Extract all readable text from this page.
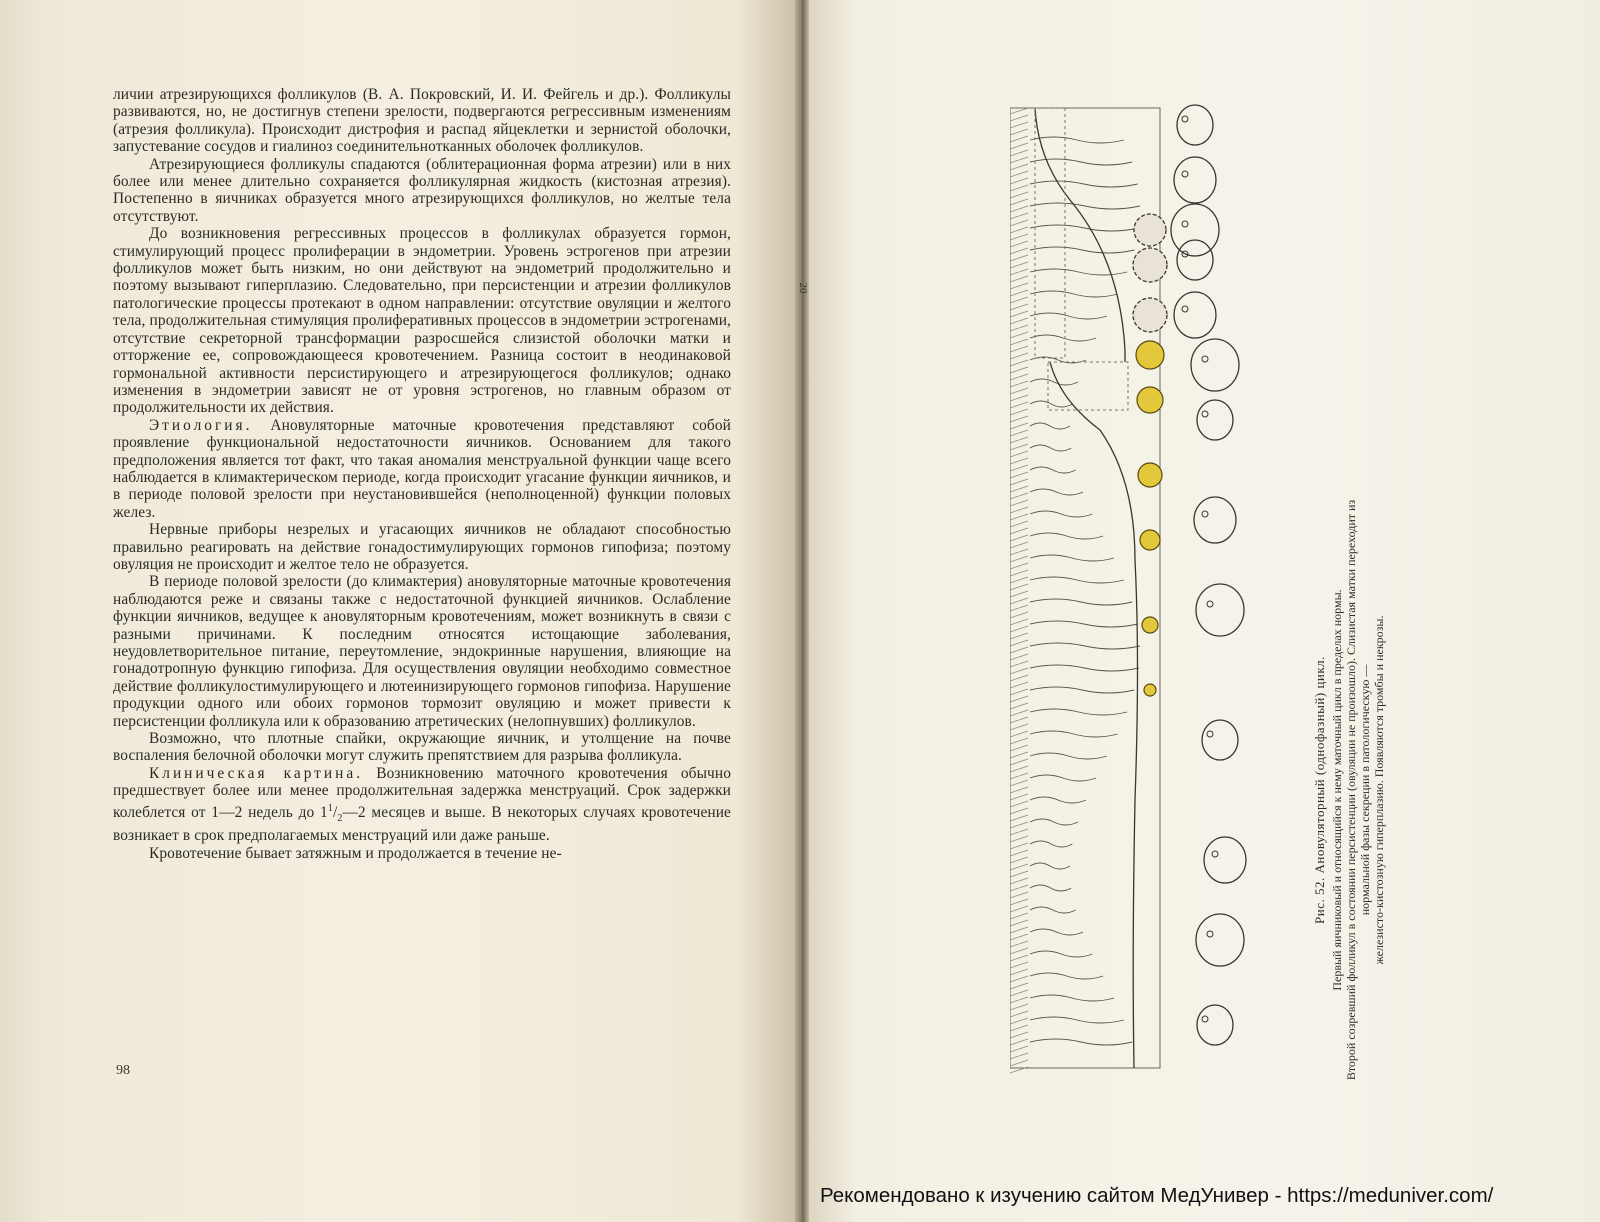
личии атрезирующихся фолликулов (В. А. Покровский, И. И. Фейгель и др.). Фолликулы развиваются, но, не достигнув степени зрелости, подвергаются регрессивным изменениям (атрезия фолликула). Происходит дистрофия и распад яйцеклетки и зернистой оболочки, запустевание сосудов и гиалиноз соединительнотканных оболочек фолликулов.

Атрезирующиеся фолликулы спадаются (облитерационная форма атрезии) или в них более или менее длительно сохраняется фолликулярная жидкость (кистозная атрезия). Постепенно в яичниках образуется много атрезирующихся фолликулов, но желтые тела отсутствуют.

До возникновения регрессивных процессов в фолликулах образуется гормон, стимулирующий процесс пролиферации в эндометрии. Уровень эстрогенов при атрезии фолликулов может быть низким, но они действуют на эндометрий продолжительно и поэтому вызывают гиперплазию. Следовательно, при персистенции и атрезии фолликулов патологические процессы протекают в одном направлении: отсутствие овуляции и желтого тела, продолжительная стимуляция пролиферативных процессов в эндометрии эстрогенами, отсутствие секреторной трансформации разросшейся слизистой оболочки матки и отторжение ее, сопровождающееся кровотечением. Разница состоит в неодинаковой гормональной активности персистирующего и атрезирующегося фолликулов; однако изменения в эндометрии зависят не от уровня эстрогенов, но главным образом от продолжительности их действия.

Этиология. Ановуляторные маточные кровотечения представляют собой проявление функциональной недостаточности яичников. Основанием для такого предположения является тот факт, что такая аномалия менструальной функции чаще всего наблюдается в климактерическом периоде, когда происходит угасание функции яичников, и в периоде половой зрелости при неустановившейся (неполноценной) функции половых желез.

Нервные приборы незрелых и угасающих яичников не обладают способностью правильно реагировать на действие гонадостимулирующих гормонов гипофиза; поэтому овуляция не происходит и желтое тело не образуется.

В периоде половой зрелости (до климактерия) ановуляторные маточные кровотечения наблюдаются реже и связаны также с недостаточной функцией яичников. Ослабление функции яичников, ведущее к ановуляторным кровотечениям, может возникнуть в связи с разными причинами. К последним относятся истощающие заболевания, неудовлетворительное питание, переутомление, эндокринные нарушения, влияющие на гонадотропную функцию гипофиза. Для осуществления овуляции необходимо совместное действие фолликулостимулирующего и лютеинизирующего гормонов гипофиза. Нарушение продукции одного или обоих гормонов тормозит овуляцию и может привести к персистенции фолликула или к образованию атретических (нелопнувших) фолликулов.

Возможно, что плотные спайки, окружающие яичник, и утолщение на почве воспаления белочной оболочки могут служить препятствием для разрыва фолликула.

Клиническая картина. Возникновению маточного кровотечения обычно предшествует более или менее продолжительная задержка менструаций. Срок задержки колеблется от 1—2 недель до $1^1/_2—2$ месяцев и выше. В некоторых случаях кровотечение возникает в срок предполагаемых менструаций или даже раньше.

Кровотечение бывает затяжным и продолжается в течение не-

98
20
Рис. 52. Ановуляторный (однофазный) цикл. Первый яичниковый и относящийся к нему маточный цикл в пределах нормы. Второй созревший фолликул в состоянии персистенции (овуляции не произошло). Слизистая матки переходит из нормальной фазы секреции в патологическую — железисто-кистозную гиперплазию. Появляются тромбы и некрозы.
Рекомендовано к изучению сайтом МедУнивер - https://meduniver.com/
